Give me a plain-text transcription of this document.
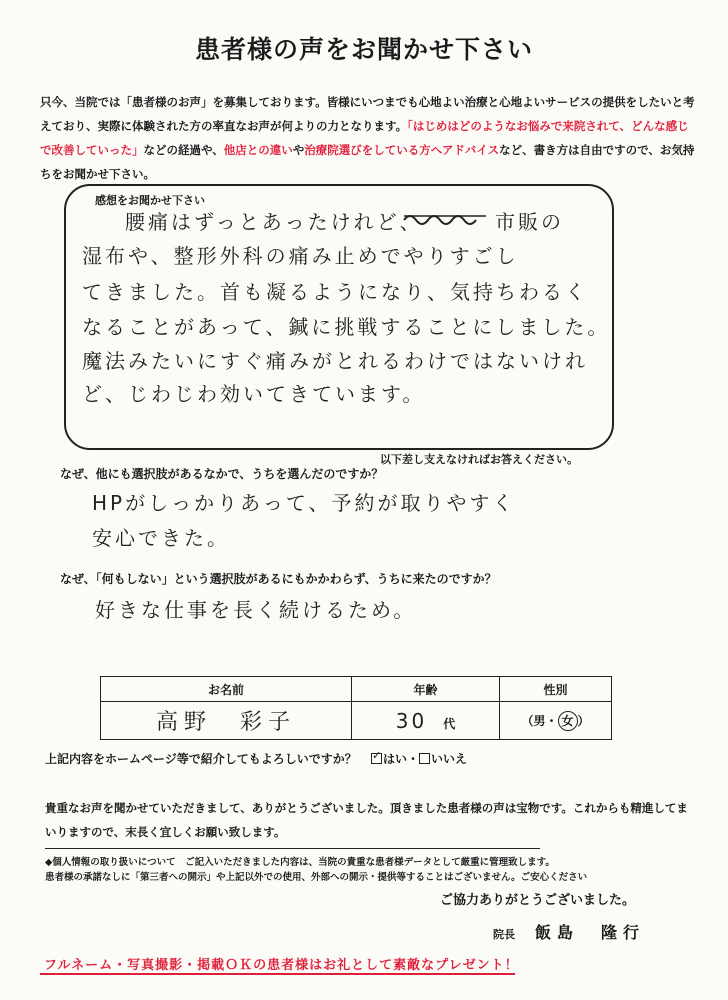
患者様の声をお聞かせ下さい
只今、当院では「患者様のお声」を募集しております。皆様にいつまでも心地よい治療と心地よいサービスの提供をしたいと考えており、実際に体験された方の率直なお声が何よりの力となります。「はじめはどのようなお悩みで来院されて、どんな感じで改善していった」などの経過や、他店との違いや治療院選びをしている方へアドバイスなど、書き方は自由ですので、お気持ちをお聞かせ下さい。
感想をお聞かせ下さい
腰痛はずっとあったけれど、	市販の
湿布や、整形外科の痛み止めでやりすごし
てきました。首も凝るようになり、気持ちわるく
なることがあって、鍼に挑戦することにしました。
魔法みたいにすぐ痛みがとれるわけではないけれ
ど、じわじわ効いてきています。
以下差し支えなければお答えください。
なぜ、他にも選択肢があるなかで、うちを選んだのですか？
HPがしっかりあって、予約が取りやすく
安心できた。
なぜ、「何もしない」という選択肢があるにもかかわらず、うちに来たのですか？
好きな仕事を長く続けるため。
お名前	年齢	性別
高野　彩子	30 代	（男・ 女 ）
上記内容をホームページ等で紹介してもよろしいですか？ ✓ はい・ いいえ
貴重なお声を聞かせていただきまして、ありがとうございました。頂きました患者様の声は宝物です。これからも精進してまいりますので、末長く宜しくお願い致します。
◆個人情報の取り扱いについて　ご記入いただきました内容は、当院の貴重な患者様データとして厳重に管理致します。
患者様の承諾なしに「第三者への開示」や上記以外での使用、外部への開示・提供等することはございません。ご安心ください
ご協力ありがとうございました。
院長 飯島　隆行
フルネーム・写真撮影・掲載ＯＫの患者様はお礼として素敵なプレゼント！
